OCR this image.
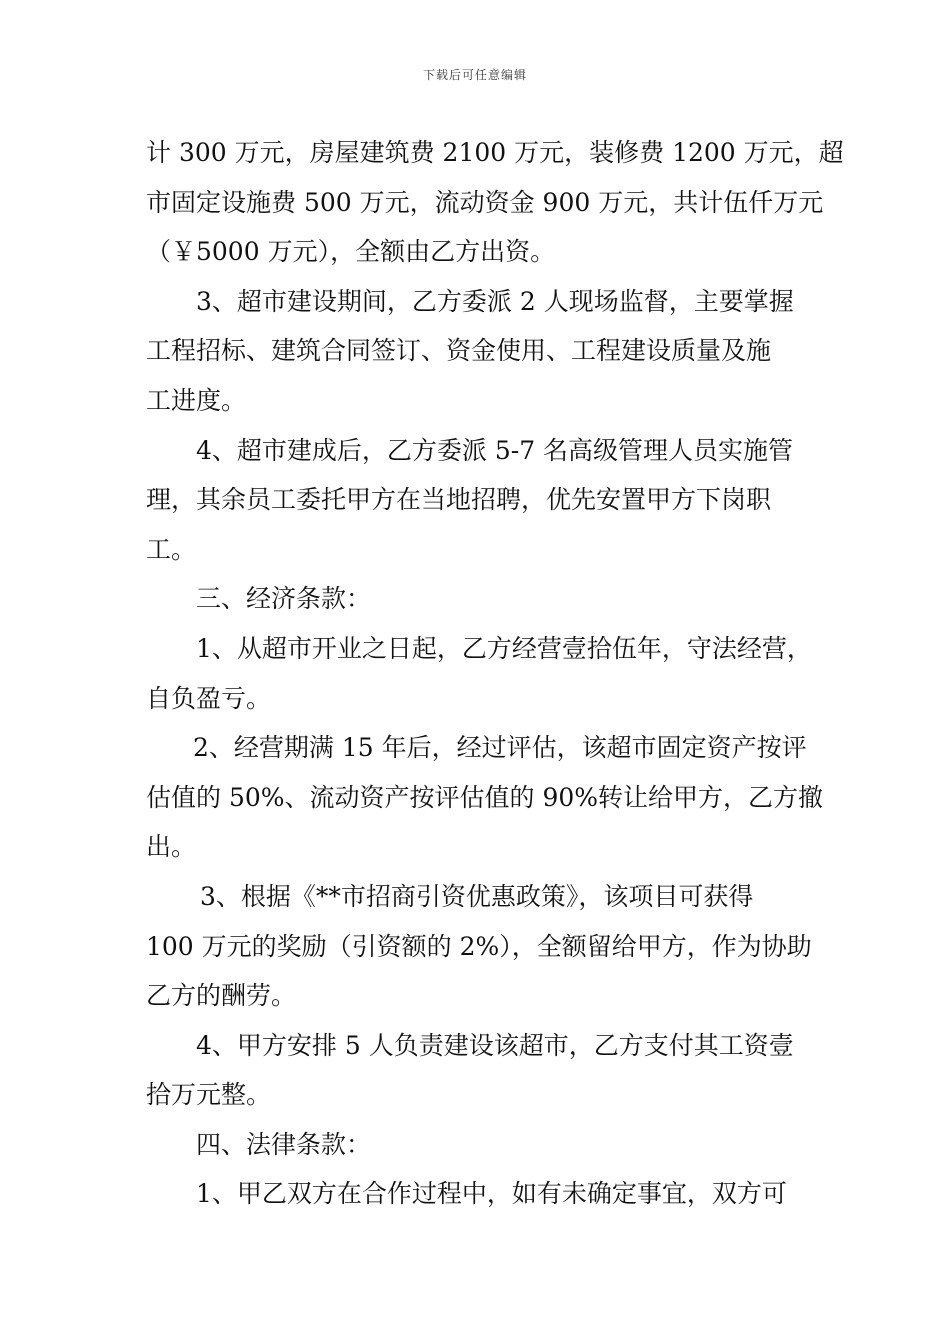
下载后可任意编辑
计 300 万元，房屋建筑费 2100 万元，装修费 1200 万元，超
市固定设施费 500 万元，流动资金 900 万元，共计伍仟万元
（￥5000 万元），全额由乙方出资。
3、超市建设期间，乙方委派 2 人现场监督，主要掌握
工程招标、建筑合同签订、资金使用、工程建设质量及施
工进度。
4、超市建成后，乙方委派 5-7 名高级管理人员实施管
理，其余员工委托甲方在当地招聘，优先安置甲方下岗职
工。
三、经济条款：
1、从超市开业之日起，乙方经营壹拾伍年，守法经营，
自负盈亏。
2、经营期满 15 年后，经过评估，该超市固定资产按评
估值的 50%、流动资产按评估值的 90%转让给甲方，乙方撤
出。
3、根据《**市招商引资优惠政策》，该项目可获得
100 万元的奖励（引资额的 2%），全额留给甲方，作为协助
乙方的酬劳。
4、甲方安排 5 人负责建设该超市，乙方支付其工资壹
拾万元整。
四、法律条款：
1、甲乙双方在合作过程中，如有未确定事宜，双方可
